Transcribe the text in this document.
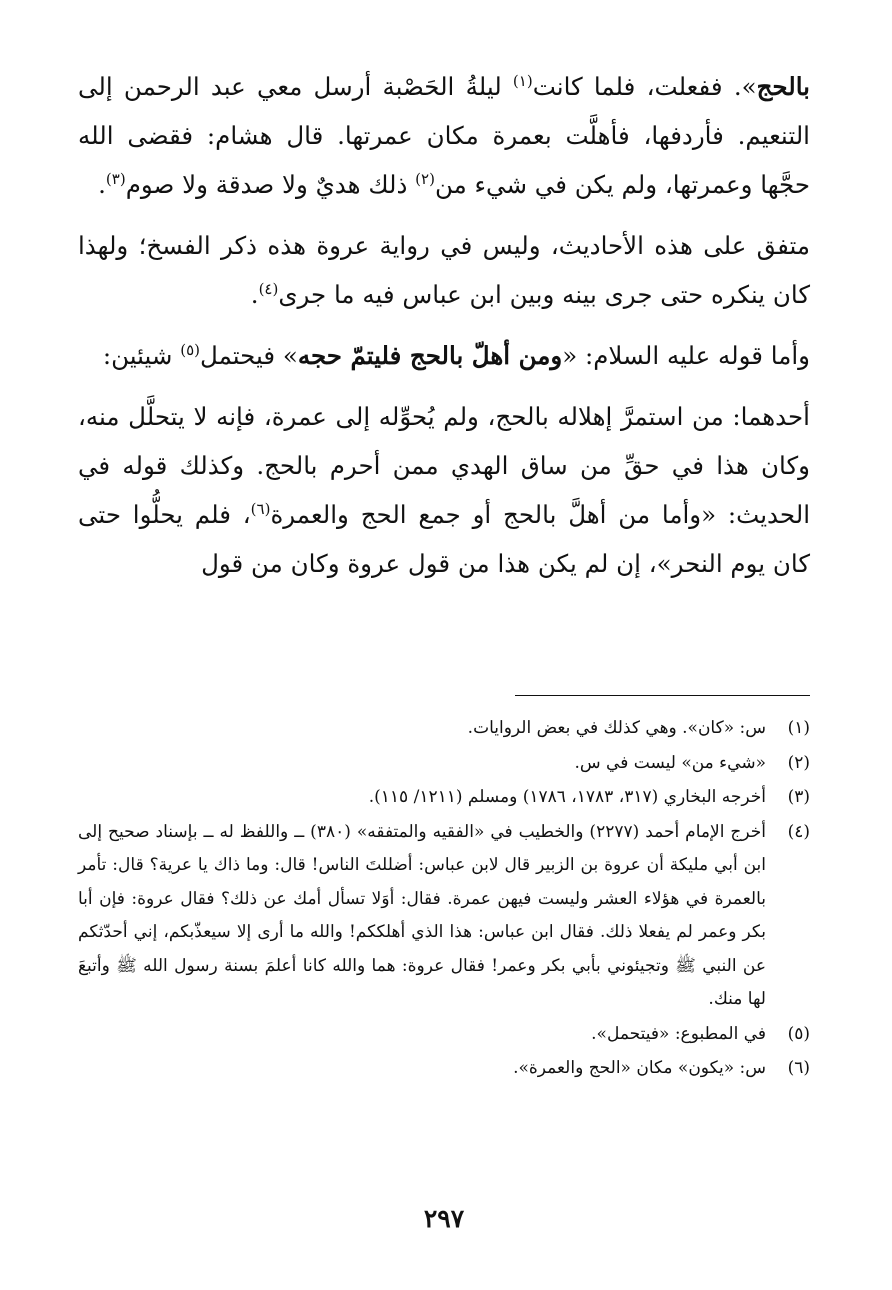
بالحج». ففعلت، فلما كانت$^{(١)}$ ليلةُ الحَصْبة أرسل معي عبد الرحمن إلى التنعيم. فأردفها، فأهلَّت بعمرة مكان عمرتها. قال هشام: فقضى الله حجَّها وعمرتها، ولم يكن في شيء من$^{(٢)}$ ذلك هديٌ ولا صدقة ولا صوم$^{(٣)}$.

متفق على هذه الأحاديث، وليس في رواية عروة هذه ذكر الفسخ؛ ولهذا كان ينكره حتى جرى بينه وبين ابن عباس فيه ما جرى$^{(٤)}$.

وأما قوله عليه السلام: «ومن أهلّ بالحج فليتمّ حجه» فيحتمل$^{(٥)}$ شيئين:

أحدهما: من استمرَّ إهلاله بالحج، ولم يُحوِّله إلى عمرة، فإنه لا يتحلَّل منه، وكان هذا في حقِّ من ساق الهدي ممن أحرم بالحج. وكذلك قوله في الحديث: «وأما من أهلَّ بالحج أو جمع الحج والعمرة$^{(٦)}$، فلم يحلُّوا حتى كان يوم النحر»، إن لم يكن هذا من قول عروة وكان من قول

(١)
س: «كان». وهي كذلك في بعض الروايات.
(٢)
«شيء من» ليست في س.
(٣)
أخرجه البخاري (٣١٧، ١٧٨٣، ١٧٨٦) ومسلم (١٢١١/ ١١٥).
(٤)
أخرج الإمام أحمد (٢٢٧٧) والخطيب في «الفقيه والمتفقه» (٣٨٠) ــ واللفظ له ــ بإسناد صحيح إلى ابن أبي مليكة أن عروة بن الزبير قال لابن عباس: أضللتَ الناس! قال: وما ذاك يا عرية؟ قال: تأمر بالعمرة في هؤلاء العشر وليست فيهن عمرة. فقال: أوَلا تسأل أمك عن ذلك؟ فقال عروة: فإن أبا بكر وعمر لم يفعلا ذلك. فقال ابن عباس: هذا الذي أهلككم! والله ما أرى إلا سيعذّبكم، إني أحدّثكم عن النبي ﷺ وتجيئوني بأبي بكر وعمر! فقال عروة: هما والله كانا أعلمَ بسنة رسول الله ﷺ وأتبعَ لها منك.
(٥)
في المطبوع: «فيتحمل».
(٦)
س: «يكون» مكان «الحج والعمرة».
٢٩٧
